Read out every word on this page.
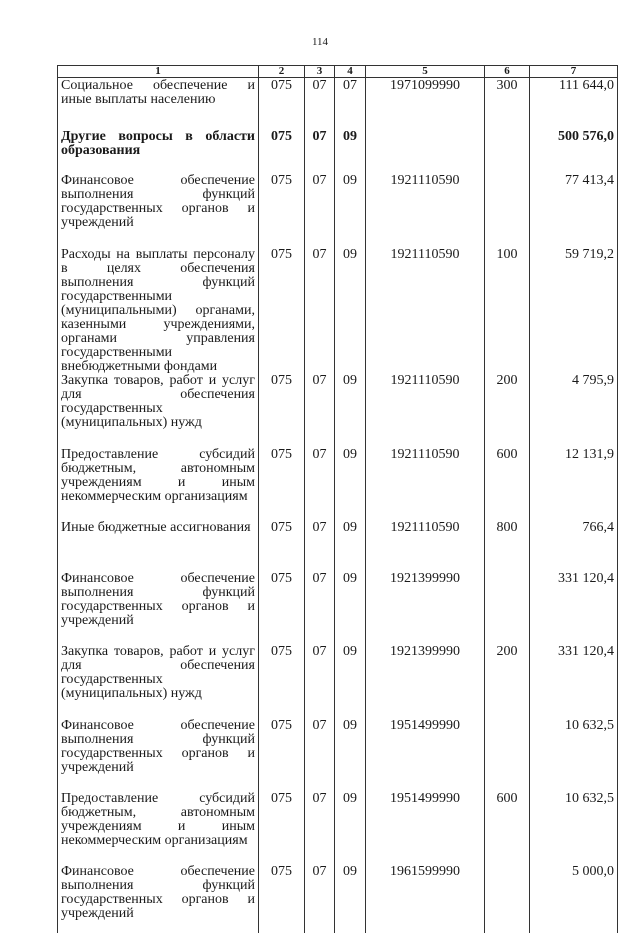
114
1	2	3	4	5	6	7
Социальное обеспечение и иные выплаты населению	075	07	07	1971099990	300	111 644,0
Другие вопросы в области образования	075	07	09			500 576,0
Финансовое обеспечение выполнения функций государственных органов и учреждений	075	07	09	1921110590		77 413,4
Расходы на выплаты персоналу в целях обеспечения выполнения функций государственными (муниципальными) органами, казенными учреждениями, органами управления государственными внебюджетными фондами	075	07	09	1921110590	100	59 719,2
Закупка товаров, работ и услуг для обеспечения государственных (муниципальных) нужд	075	07	09	1921110590	200	4 795,9
Предоставление субсидий бюджетным, автономным учреждениям и иным некоммерческим организациям	075	07	09	1921110590	600	12 131,9
Иные бюджетные ассигнования	075	07	09	1921110590	800	766,4
Финансовое обеспечение выполнения функций государственных органов и учреждений	075	07	09	1921399990		331 120,4
Закупка товаров, работ и услуг для обеспечения государственных (муниципальных) нужд	075	07	09	1921399990	200	331 120,4
Финансовое обеспечение выполнения функций государственных органов и учреждений	075	07	09	1951499990		10 632,5
Предоставление субсидий бюджетным, автономным учреждениям и иным некоммерческим организациям	075	07	09	1951499990	600	10 632,5
Финансовое обеспечение выполнения функций государственных органов и учреждений	075	07	09	1961599990		5 000,0
